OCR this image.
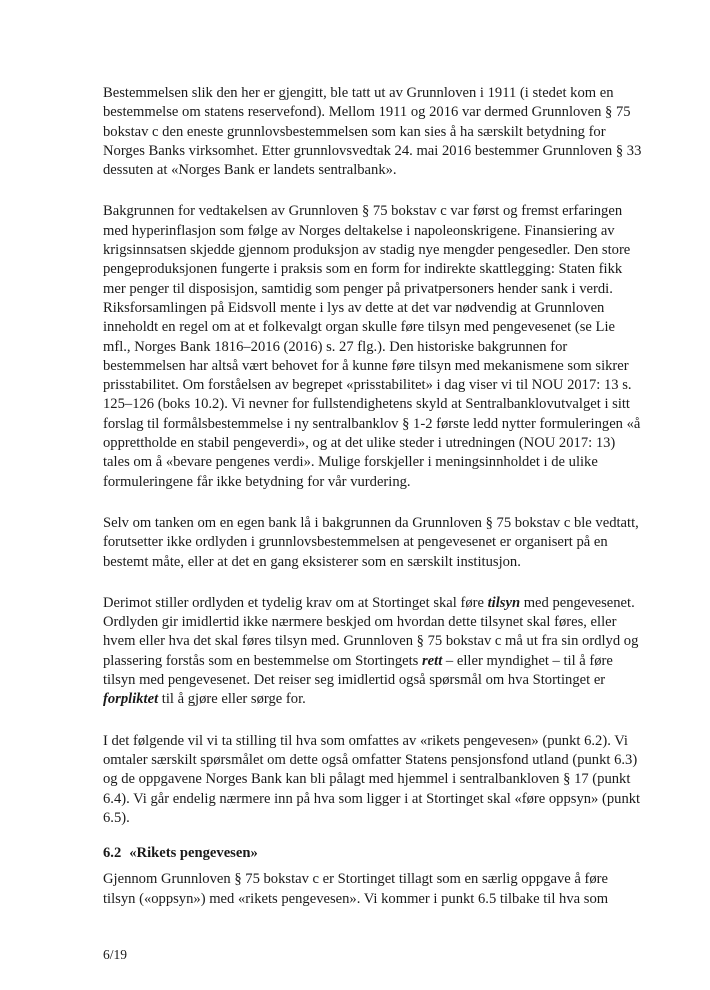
Bestemmelsen slik den her er gjengitt, ble tatt ut av Grunnloven i 1911 (i stedet kom en bestemmelse om statens reservefond). Mellom 1911 og 2016 var dermed Grunnloven § 75 bokstav c den eneste grunnlovsbestemmelsen som kan sies å ha særskilt betydning for Norges Banks virksomhet. Etter grunnlovsvedtak 24. mai 2016 bestemmer Grunnloven § 33 dessuten at «Norges Bank er landets sentralbank».

Bakgrunnen for vedtakelsen av Grunnloven § 75 bokstav c var først og fremst erfaringen med hyperinflasjon som følge av Norges deltakelse i napoleonskrigene. Finansiering av krigsinnsatsen skjedde gjennom produksjon av stadig nye mengder pengesedler. Den store pengeproduksjonen fungerte i praksis som en form for indirekte skattlegging: Staten fikk mer penger til disposisjon, samtidig som penger på privatpersoners hender sank i verdi. Riksforsamlingen på Eidsvoll mente i lys av dette at det var nødvendig at Grunnloven inneholdt en regel om at et folkevalgt organ skulle føre tilsyn med pengevesenet (se Lie mfl., Norges Bank 1816–2016 (2016) s. 27 flg.). Den historiske bakgrunnen for bestemmelsen har altså vært behovet for å kunne føre tilsyn med mekanismene som sikrer prisstabilitet. Om forståelsen av begrepet «prisstabilitet» i dag viser vi til NOU 2017: 13 s. 125–126 (boks 10.2). Vi nevner for fullstendighetens skyld at Sentralbanklovutvalget i sitt forslag til formålsbestemmelse i ny sentralbanklov § 1-2 første ledd nytter formuleringen «å opprettholde en stabil pengeverdi», og at det ulike steder i utredningen (NOU 2017: 13) tales om å «bevare pengenes verdi». Mulige forskjeller i meningsinnholdet i de ulike formuleringene får ikke betydning for vår vurdering.

Selv om tanken om en egen bank lå i bakgrunnen da Grunnloven § 75 bokstav c ble vedtatt, forutsetter ikke ordlyden i grunnlovsbestemmelsen at pengevesenet er organisert på en bestemt måte, eller at det en gang eksisterer som en særskilt institusjon.

Derimot stiller ordlyden et tydelig krav om at Stortinget skal føre tilsyn med pengevesenet. Ordlyden gir imidlertid ikke nærmere beskjed om hvordan dette tilsynet skal føres, eller hvem eller hva det skal føres tilsyn med. Grunnloven § 75 bokstav c må ut fra sin ordlyd og plassering forstås som en bestemmelse om Stortingets rett – eller myndighet – til å føre tilsyn med pengevesenet. Det reiser seg imidlertid også spørsmål om hva Stortinget er forpliktet til å gjøre eller sørge for.

I det følgende vil vi ta stilling til hva som omfattes av «rikets pengevesen» (punkt 6.2). Vi omtaler særskilt spørsmålet om dette også omfatter Statens pensjonsfond utland (punkt 6.3) og de oppgavene Norges Bank kan bli pålagt med hjemmel i sentralbankloven § 17 (punkt 6.4). Vi går endelig nærmere inn på hva som ligger i at Stortinget skal «føre oppsyn» (punkt 6.5).

6.2 «Rikets pengevesen»

Gjennom Grunnloven § 75 bokstav c er Stortinget tillagt som en særlig oppgave å føre tilsyn («oppsyn») med «rikets pengevesen». Vi kommer i punkt 6.5 tilbake til hva som

6/19
